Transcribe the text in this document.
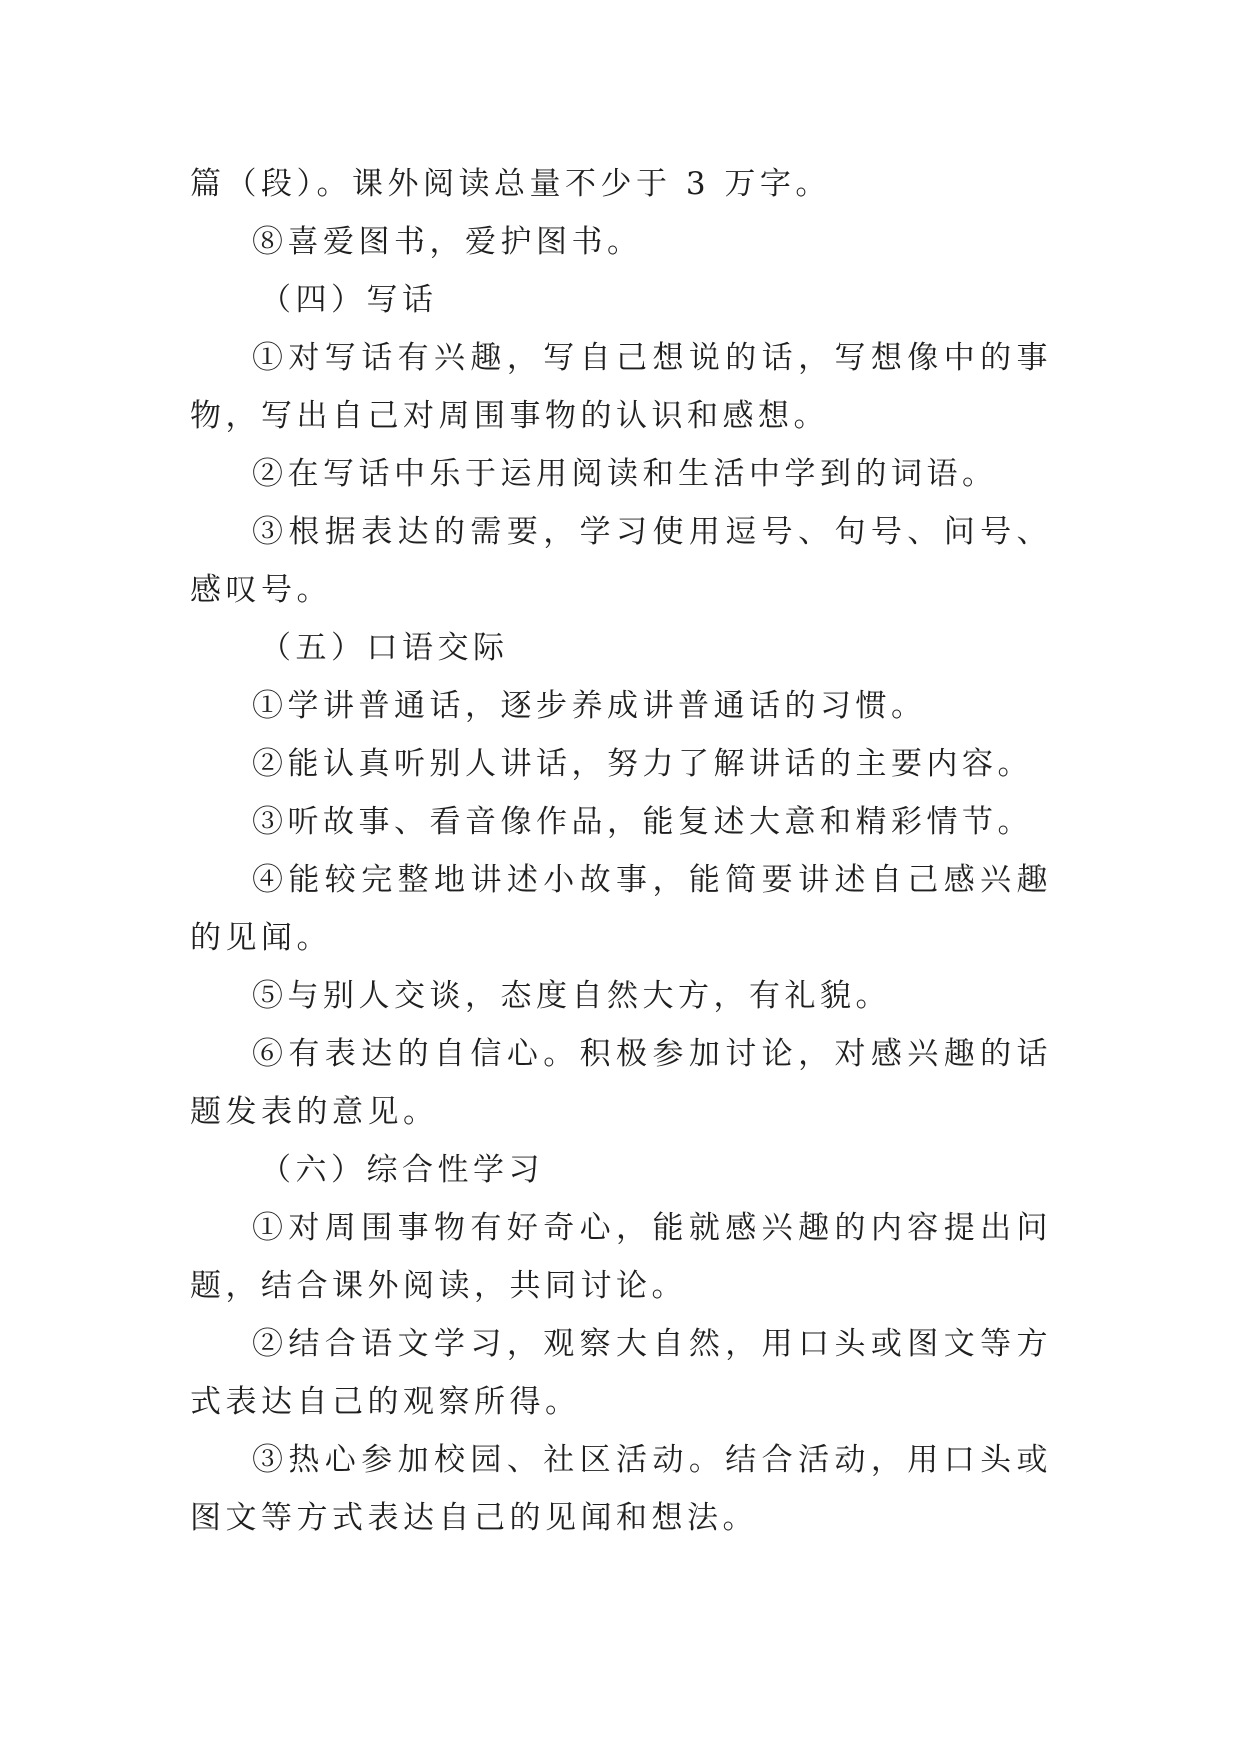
篇（段）。课外阅读总量不少于 3 万字。

⑧喜爱图书，爱护图书。

（四）写话

①对写话有兴趣，写自己想说的话，写想像中的事物，写出自己对周围事物的认识和感想。

②在写话中乐于运用阅读和生活中学到的词语。

③根据表达的需要，学习使用逗号、句号、问号、感叹号。

（五）口语交际

①学讲普通话，逐步养成讲普通话的习惯。

②能认真听别人讲话，努力了解讲话的主要内容。

③听故事、看音像作品，能复述大意和精彩情节。

④能较完整地讲述小故事，能简要讲述自己感兴趣的见闻。

⑤与别人交谈，态度自然大方，有礼貌。

⑥有表达的自信心。积极参加讨论，对感兴趣的话题发表的意见。

（六）综合性学习

①对周围事物有好奇心，能就感兴趣的内容提出问题，结合课外阅读，共同讨论。

②结合语文学习，观察大自然，用口头或图文等方式表达自己的观察所得。

③热心参加校园、社区活动。结合活动，用口头或图文等方式表达自己的见闻和想法。
